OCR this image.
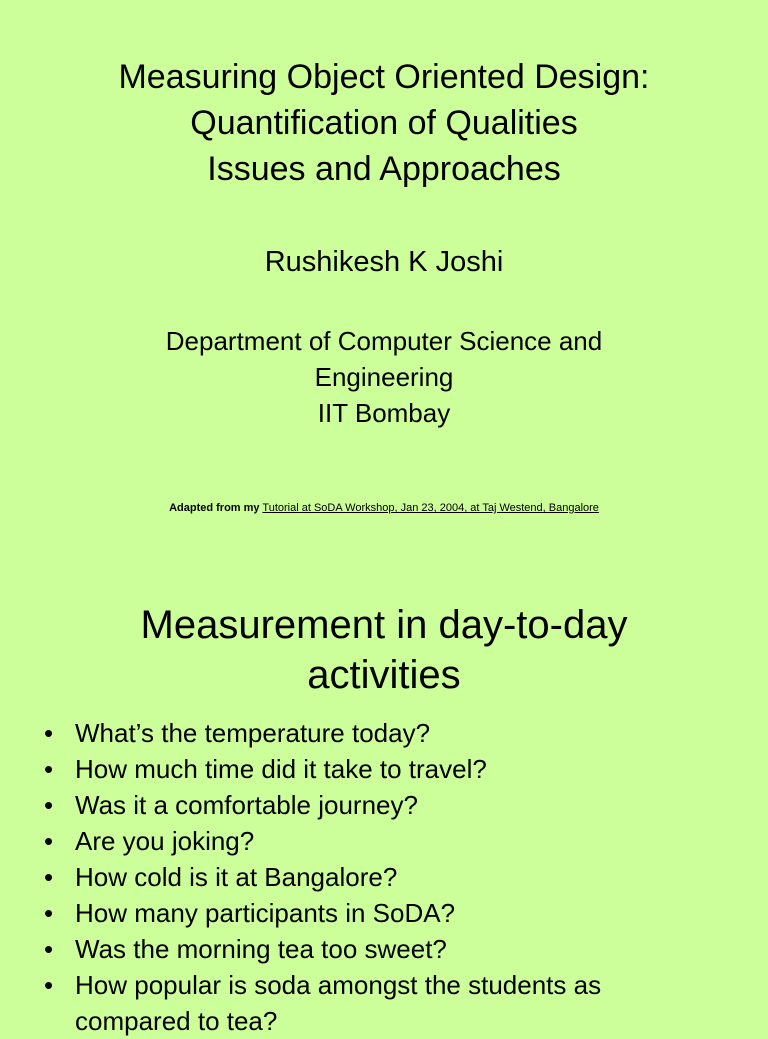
Measuring Object Oriented Design:
Quantification of Qualities
Issues and Approaches
Rushikesh K Joshi
Department of Computer Science and
Engineering
IIT Bombay
Adapted from my Tutorial at SoDA Workshop, Jan 23, 2004, at Taj Westend, Bangalore
Measurement in day-to-day
activities
• What’s the temperature today?
• How much time did it take to travel?
• Was it a comfortable journey?
• Are you joking?
• How cold is it at Bangalore?
• How many participants in SoDA?
• Was the morning tea too sweet?
• How popular is soda amongst the students as
compared to tea?
